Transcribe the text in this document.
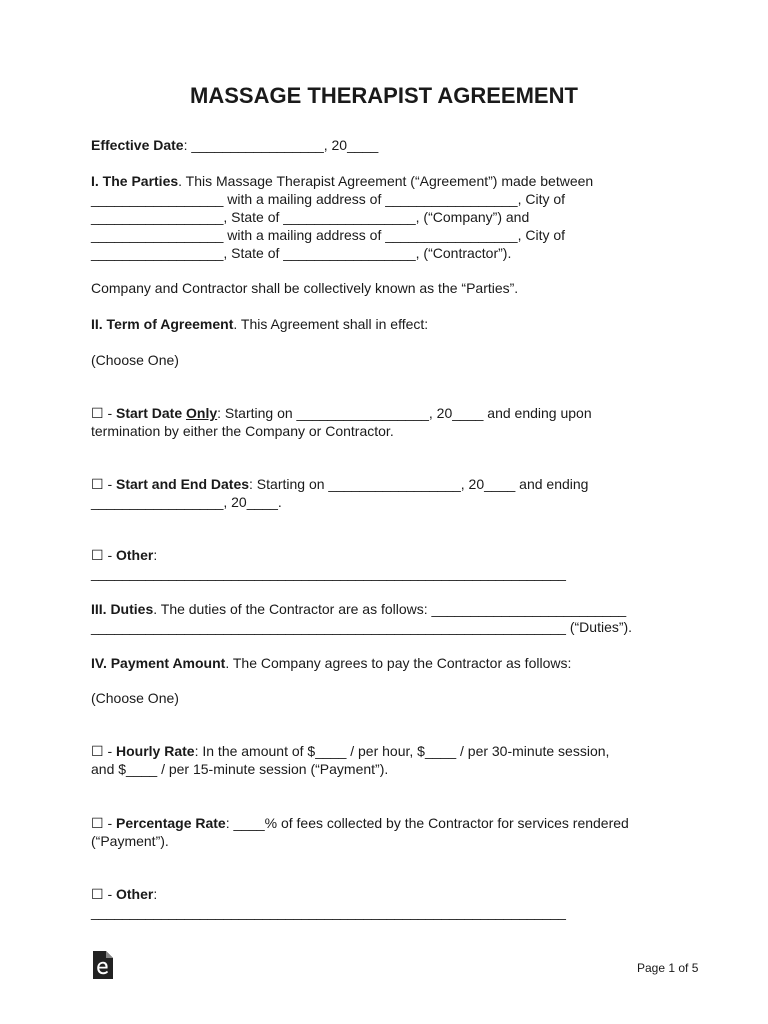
MASSAGE THERAPIST AGREEMENT
Effective Date: _________________, 20____
I. The Parties. This Massage Therapist Agreement (“Agreement”) made between
_________________ with a mailing address of _________________, City of
_________________, State of _________________, (“Company”) and
_________________ with a mailing address of _________________, City of
_________________, State of _________________, (“Contractor”).
Company and Contractor shall be collectively known as the “Parties”.
II. Term of Agreement. This Agreement shall in effect:
(Choose One)
☐ - Start Date Only: Starting on _________________, 20____ and ending upon
termination by either the Company or Contractor.
☐ - Start and End Dates: Starting on _________________, 20____ and ending
_________________, 20____.
☐ - Other:
_____________________________________________________________
III. Duties. The duties of the Contractor are as follows: _________________________
_____________________________________________________________ (“Duties”).
IV. Payment Amount. The Company agrees to pay the Contractor as follows:
(Choose One)
☐ - Hourly Rate: In the amount of $____ / per hour, $____ / per 30-minute session,
and $____ / per 15-minute session (“Payment”).
☐ - Percentage Rate: ____% of fees collected by the Contractor for services rendered
(“Payment”).
☐ - Other:
_____________________________________________________________
Page 1 of 5
